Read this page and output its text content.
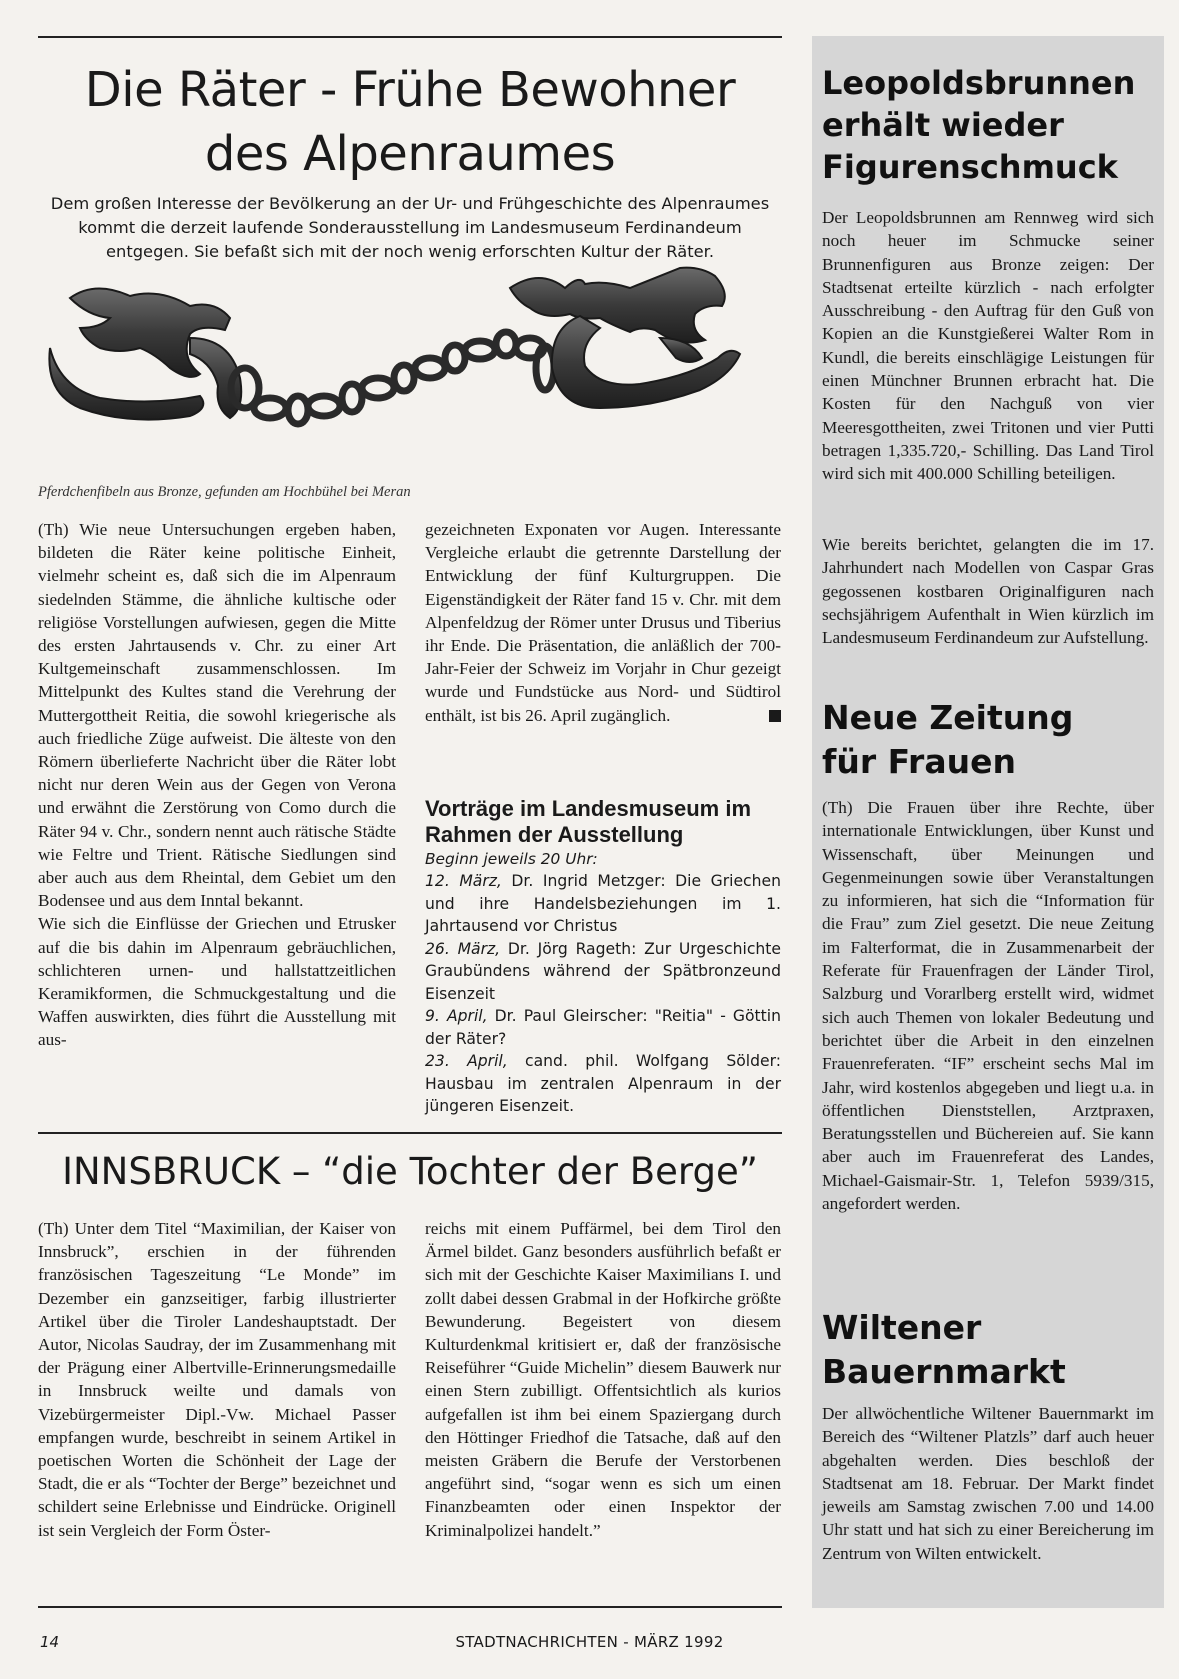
Die Räter - Frühe Bewohner des Alpenraumes

Dem großen Interesse der Bevölkerung an der Ur- und Frühgeschichte des Alpenraumes kommt die derzeit laufende Sonderausstellung im Landesmuseum Ferdinandeum entgegen. Sie befaßt sich mit der noch wenig erforschten Kultur der Räter.

Pferdchenfibeln aus Bronze, gefunden am Hochbühel bei Meran

(Th) Wie neue Untersuchungen ergeben haben, bildeten die Räter keine politische Einheit, vielmehr scheint es, daß sich die im Alpenraum siedelnden Stämme, die ähnliche kultische oder religiöse Vorstellungen aufwiesen, gegen die Mitte des ersten Jahrtausends v. Chr. zu einer Art Kultgemeinschaft zusammenschlossen. Im Mittelpunkt des Kultes stand die Verehrung der Muttergottheit Reitia, die sowohl kriegerische als auch friedliche Züge aufweist. Die älteste von den Römern überlieferte Nachricht über die Räter lobt nicht nur deren Wein aus der Gegen von Verona und erwähnt die Zerstörung von Como durch die Räter 94 v. Chr., sondern nennt auch rätische Städte wie Feltre und Trient. Rätische Siedlungen sind aber auch aus dem Rheintal, dem Gebiet um den Bodensee und aus dem Inntal bekannt.

Wie sich die Einflüsse der Griechen und Etrusker auf die bis dahin im Alpenraum gebräuchlichen, schlichteren urnen- und hallstattzeitlichen Keramikformen, die Schmuckgestaltung und die Waffen auswirkten, dies führt die Ausstellung mit aus-

gezeichneten Exponaten vor Augen. Interessante Vergleiche erlaubt die getrennte Darstellung der Entwicklung der fünf Kulturgruppen. Die Eigenständigkeit der Räter fand 15 v. Chr. mit dem Alpenfeldzug der Römer unter Drusus und Tiberius ihr Ende. Die Präsentation, die anläßlich der 700-Jahr-Feier der Schweiz im Vorjahr in Chur gezeigt wurde und Fundstücke aus Nord- und Südtirol enthält, ist bis 26. April zugänglich.

Vorträge im Landesmuseum im Rahmen der Ausstellung

Beginn jeweils 20 Uhr:

12. März, Dr. Ingrid Metzger: Die Griechen und ihre Handelsbeziehungen im 1. Jahrtausend vor Christus

26. März, Dr. Jörg Rageth: Zur Urgeschichte Graubündens während der Spätbronzeund Eisenzeit

9. April, Dr. Paul Gleirscher: "Reitia" - Göttin der Räter?

23. April, cand. phil. Wolfgang Sölder: Hausbau im zentralen Alpenraum in der jüngeren Eisenzeit.

INNSBRUCK – “die Tochter der Berge”

(Th) Unter dem Titel “Maximilian, der Kaiser von Innsbruck”, erschien in der führenden französischen Tageszeitung “Le Monde” im Dezember ein ganzseitiger, farbig illustrierter Artikel über die Tiroler Landeshauptstadt. Der Autor, Nicolas Saudray, der im Zusammenhang mit der Prägung einer Albertville-Erinnerungsmedaille in Innsbruck weilte und damals von Vizebürgermeister Dipl.-Vw. Michael Passer empfangen wurde, beschreibt in seinem Artikel in poetischen Worten die Schönheit der Lage der Stadt, die er als “Tochter der Berge” bezeichnet und schildert seine Erlebnisse und Eindrücke. Originell ist sein Vergleich der Form Öster-

reichs mit einem Puffärmel, bei dem Tirol den Ärmel bildet. Ganz besonders ausführlich befaßt er sich mit der Geschichte Kaiser Maximilians I. und zollt dabei dessen Grabmal in der Hofkirche größte Bewunderung. Begeistert von diesem Kulturdenkmal kritisiert er, daß der französische Reiseführer “Guide Michelin” diesem Bauwerk nur einen Stern zubilligt. Offentsichtlich als kurios aufgefallen ist ihm bei einem Spaziergang durch den Höttinger Friedhof die Tatsache, daß auf den meisten Gräbern die Berufe der Verstorbenen angeführt sind, “sogar wenn es sich um einen Finanzbeamten oder einen Inspektor der Kriminalpolizei handelt.”

Leopoldsbrunnen erhält wieder Figurenschmuck

Der Leopoldsbrunnen am Rennweg wird sich noch heuer im Schmucke seiner Brunnenfiguren aus Bronze zeigen: Der Stadtsenat erteilte kürzlich - nach erfolgter Ausschreibung - den Auftrag für den Guß von Kopien an die Kunstgießerei Walter Rom in Kundl, die bereits einschlägige Leistungen für einen Münchner Brunnen erbracht hat. Die Kosten für den Nachguß von vier Meeresgottheiten, zwei Tritonen und vier Putti betragen 1,335.720,- Schilling. Das Land Tirol wird sich mit 400.000 Schilling beteiligen.

Wie bereits berichtet, gelangten die im 17. Jahrhundert nach Modellen von Caspar Gras gegossenen kostbaren Originalfiguren nach sechsjährigem Aufenthalt in Wien kürzlich im Landesmuseum Ferdinandeum zur Aufstellung.

Neue Zeitung für Frauen

(Th) Die Frauen über ihre Rechte, über internationale Entwicklungen, über Kunst und Wissenschaft, über Meinungen und Gegenmeinungen sowie über Veranstaltungen zu informieren, hat sich die “Information für die Frau” zum Ziel gesetzt. Die neue Zeitung im Falterformat, die in Zusammenarbeit der Referate für Frauenfragen der Länder Tirol, Salzburg und Vorarlberg erstellt wird, widmet sich auch Themen von lokaler Bedeutung und berichtet über die Arbeit in den einzelnen Frauenreferaten. “IF” erscheint sechs Mal im Jahr, wird kostenlos abgegeben und liegt u.a. in öffentlichen Dienststellen, Arztpraxen, Beratungsstellen und Büchereien auf. Sie kann aber auch im Frauenreferat des Landes, Michael-Gaismair-Str. 1, Telefon 5939/315, angefordert werden.

Wiltener Bauernmarkt

Der allwöchentliche Wiltener Bauernmarkt im Bereich des “Wiltener Platzls” darf auch heuer abgehalten werden. Dies beschloß der Stadtsenat am 18. Februar. Der Markt findet jeweils am Samstag zwischen 7.00 und 14.00 Uhr statt und hat sich zu einer Bereicherung im Zentrum von Wilten entwickelt.

14	STADTNACHRICHTEN - MÄRZ 1992
